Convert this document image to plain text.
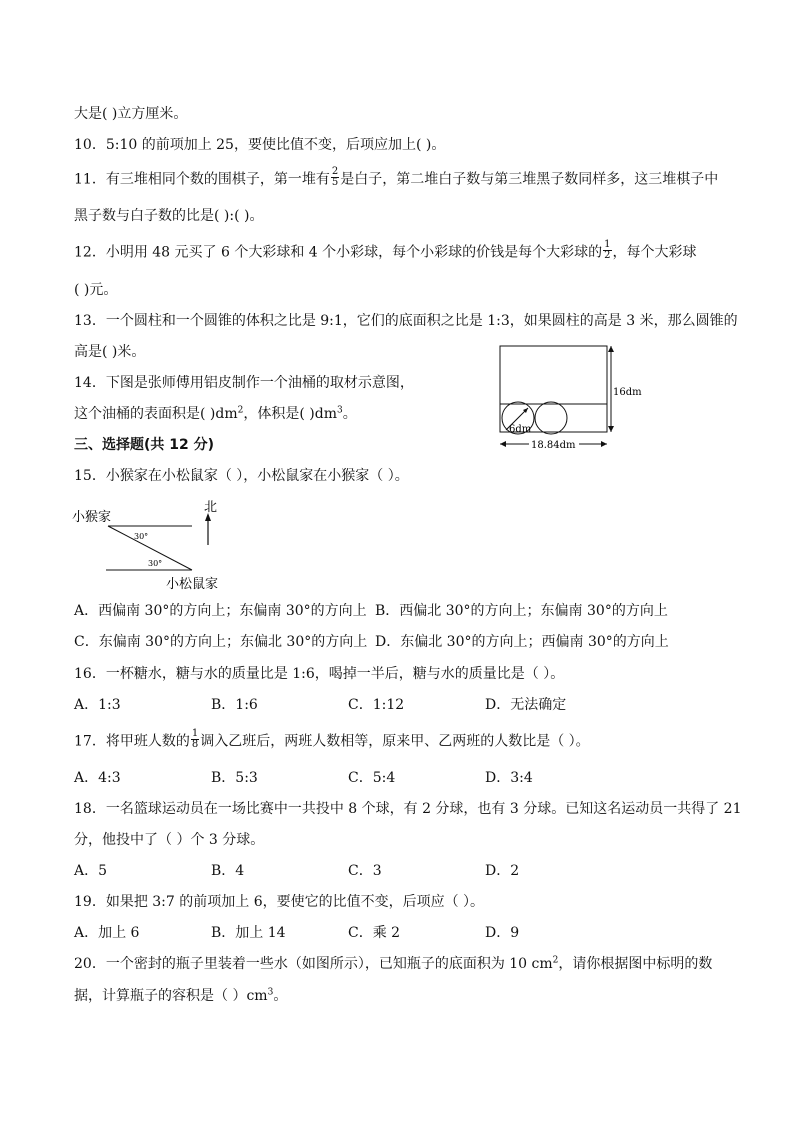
大是( )立方厘米。
10．5:10 的前项加上 25，要使比值不变，后项应加上( )。
11．有三堆相同个数的围棋子，第一堆有 $\frac{2}{5}$ 是白子，第二堆白子数与第三堆黑子数同样多，这三堆棋子中
黑子数与白子数的比是( ):( )。
12．小明用 48 元买了 6 个大彩球和 4 个小彩球，每个小彩球的价钱是每个大彩球的 $\frac{1}{2}$ ，每个大彩球
( )元。
13．一个圆柱和一个圆锥的体积之比是 9:1，它们的底面积之比是 1:3，如果圆柱的高是 3 米，那么圆锥的
高是( )米。
14．下图是张师傅用铝皮制作一个油桶的取材示意图，
这个油桶的表面积是( )$dm^2$，体积是( )$dm^3$。
6dm
16dm
18.84dm
三、选择题(共 12 分)
15．小猴家在小松鼠家（ ），小松鼠家在小猴家（ ）。
小猴家
30°
30°
小松鼠家
北
A．西偏南 30°的方向上；东偏南 30°的方向上 B．西偏北 30°的方向上；东偏南 30°的方向上
C．东偏南 30°的方向上；东偏北 30°的方向上 D．东偏北 30°的方向上；西偏南 30°的方向上
16．一杯糖水，糖与水的质量比是 1:6，喝掉一半后，糖与水的质量比是（ ）。
A．1:3	B．1:6	C．1:12	D．无法确定
17．将甲班人数的 $\frac{1}{8}$ 调入乙班后，两班人数相等，原来甲、乙两班的人数比是（ ）。
A．4:3	B．5:3	C．5:4	D．3:4
18．一名篮球运动员在一场比赛中一共投中 8 个球，有 2 分球，也有 3 分球。已知这名运动员一共得了 21
分，他投中了（ ）个 3 分球。
A．5	B．4	C．3	D．2
19．如果把 3:7 的前项加上 6，要使它的比值不变，后项应（ ）。
A．加上 6	B．加上 14	C．乘 2	D．9
20．一个密封的瓶子里装着一些水（如图所示），已知瓶子的底面积为 10 $cm^2$，请你根据图中标明的数
据，计算瓶子的容积是（ ）$cm^3$。
